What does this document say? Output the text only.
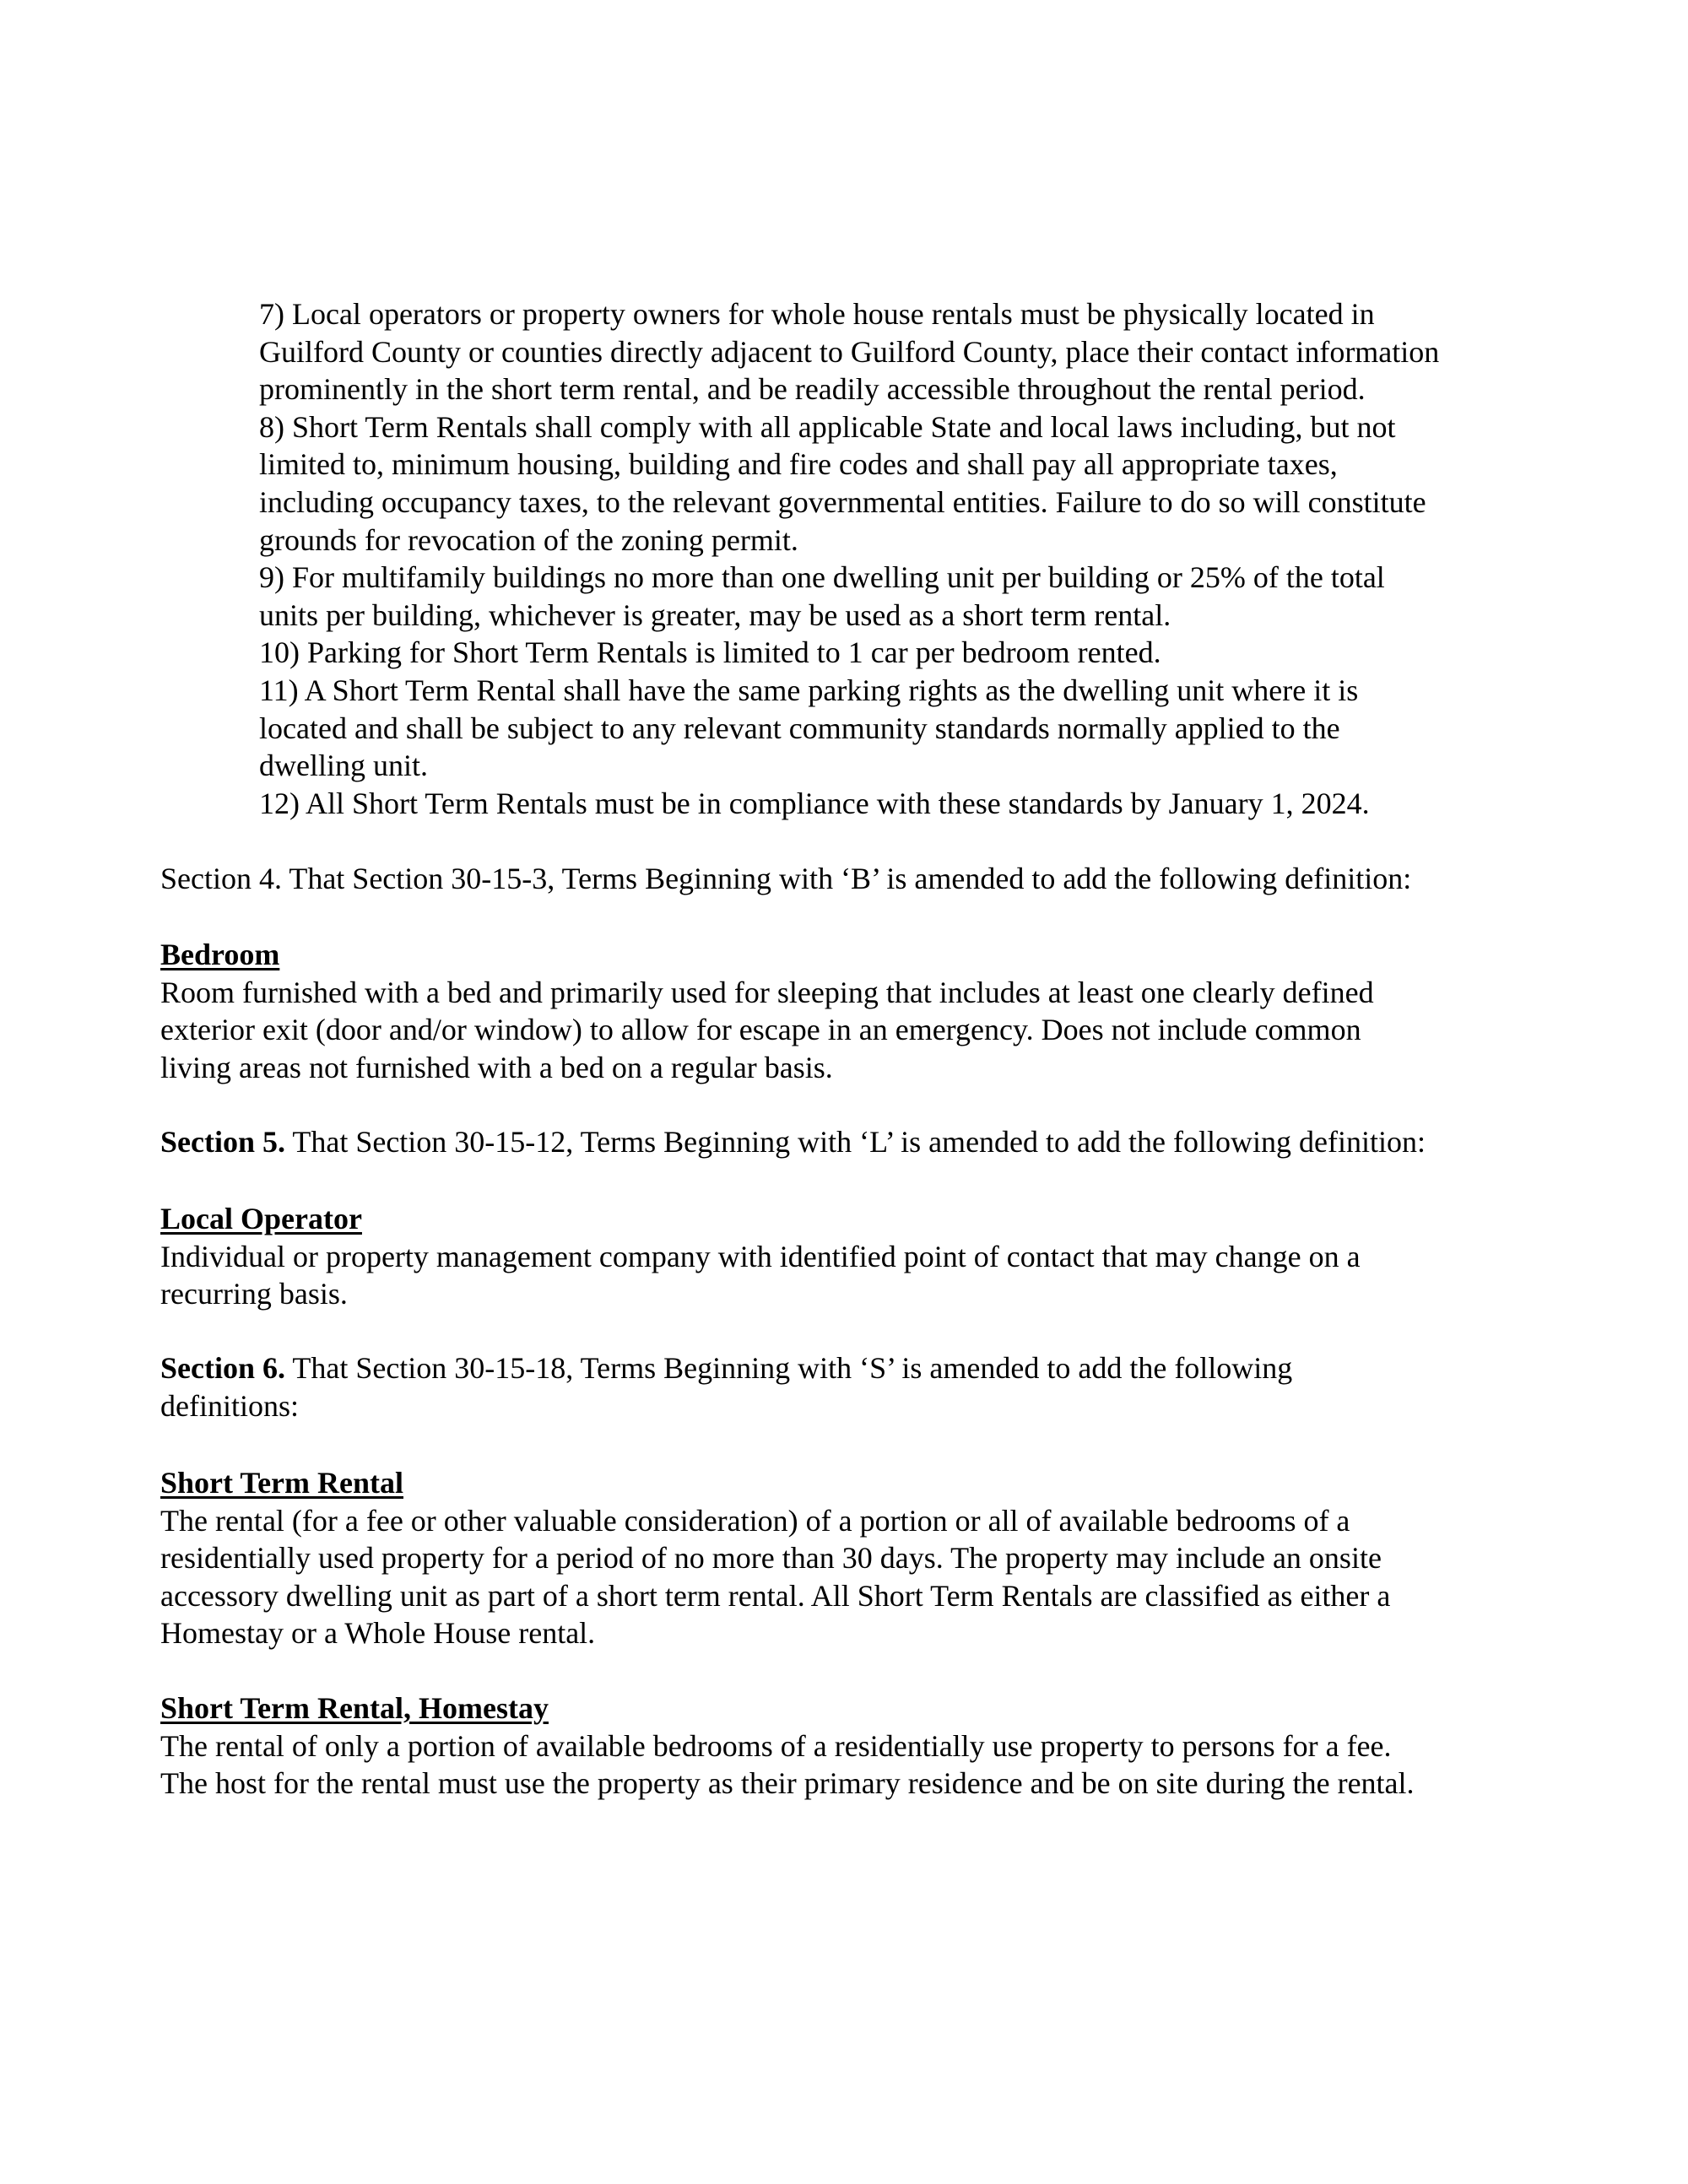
7) Local operators or property owners for whole house rentals must be physically located in
Guilford County or counties directly adjacent to Guilford County, place their contact information
prominently in the short term rental, and be readily accessible throughout the rental period.
8) Short Term Rentals shall comply with all applicable State and local laws including, but not
limited to, minimum housing, building and fire codes and shall pay all appropriate taxes,
including occupancy taxes, to the relevant governmental entities. Failure to do so will constitute
grounds for revocation of the zoning permit.
9) For multifamily buildings no more than one dwelling unit per building or 25% of the total
units per building, whichever is greater, may be used as a short term rental.
10) Parking for Short Term Rentals is limited to 1 car per bedroom rented.
11) A Short Term Rental shall have the same parking rights as the dwelling unit where it is
located and shall be subject to any relevant community standards normally applied to the
dwelling unit.
12) All Short Term Rentals must be in compliance with these standards by January 1, 2024.
Section 4. That Section 30-15-3, Terms Beginning with ‘B’ is amended to add the following definition:
Bedroom
Room furnished with a bed and primarily used for sleeping that includes at least one clearly defined
exterior exit (door and/or window) to allow for escape in an emergency. Does not include common
living areas not furnished with a bed on a regular basis.
Section 5. That Section 30-15-12, Terms Beginning with ‘L’ is amended to add the following definition:
Local Operator
Individual or property management company with identified point of contact that may change on a
recurring basis.
Section 6. That Section 30-15-18, Terms Beginning with ‘S’ is amended to add the following
definitions:
Short Term Rental
The rental (for a fee or other valuable consideration) of a portion or all of available bedrooms of a
residentially used property for a period of no more than 30 days. The property may include an onsite
accessory dwelling unit as part of a short term rental. All Short Term Rentals are classified as either a
Homestay or a Whole House rental.
Short Term Rental, Homestay
The rental of only a portion of available bedrooms of a residentially use property to persons for a fee.
The host for the rental must use the property as their primary residence and be on site during the rental.
